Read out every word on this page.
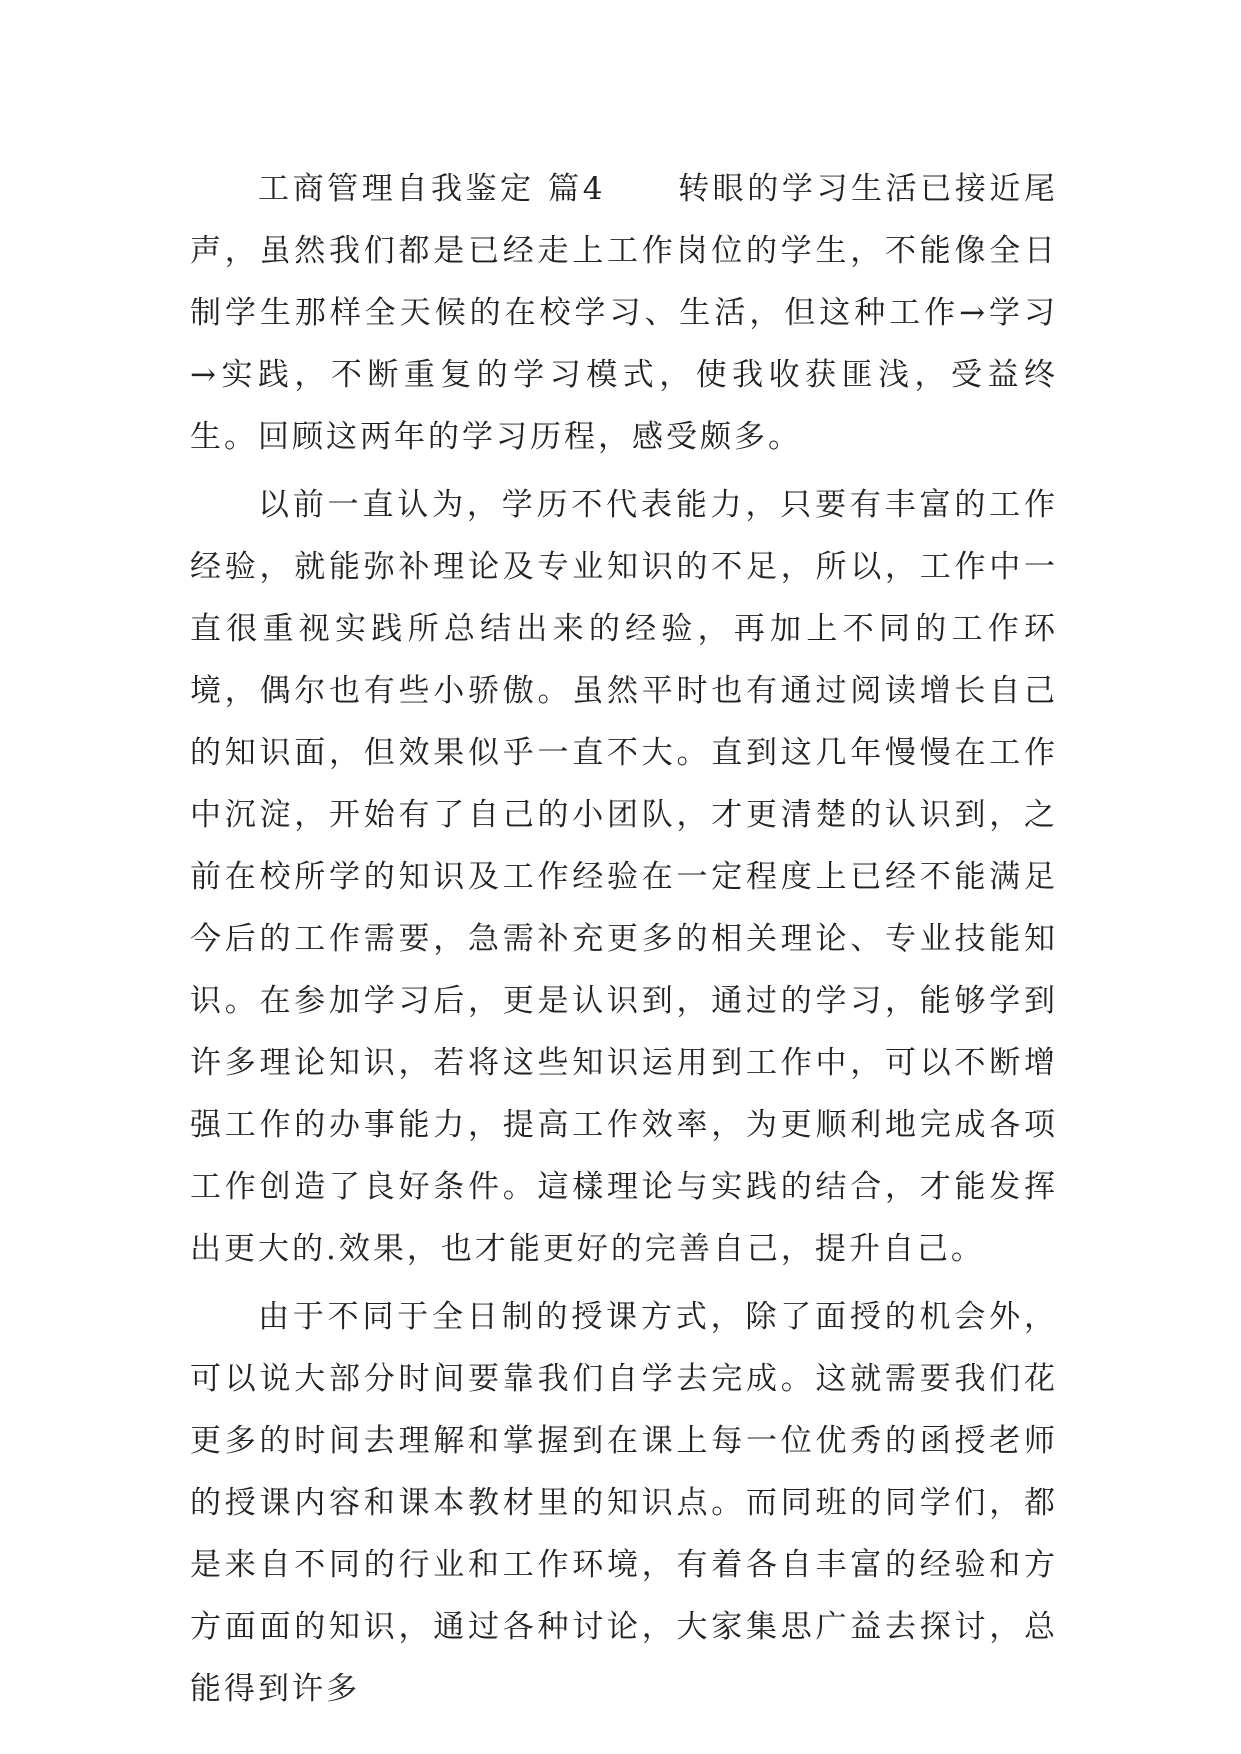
工商管理自我鉴定 篇4 转眼的学习生活已接近尾声，虽然我们都是已经走上工作岗位的学生，不能像全日制学生那样全天候的在校学习、生活，但这种工作→学习→实践，不断重复的学习模式，使我收获匪浅，受益终生。回顾这两年的学习历程，感受颇多。

以前一直认为，学历不代表能力，只要有丰富的工作经验，就能弥补理论及专业知识的不足，所以，工作中一直很重视实践所总结出来的经验，再加上不同的工作环境，偶尔也有些小骄傲。虽然平时也有通过阅读增长自己的知识面，但效果似乎一直不大。直到这几年慢慢在工作中沉淀，开始有了自己的小团队，才更清楚的认识到，之前在校所学的知识及工作经验在一定程度上已经不能满足今后的工作需要，急需补充更多的相关理论、专业技能知识。在参加学习后，更是认识到，通过的学习，能够学到许多理论知识，若将这些知识运用到工作中，可以不断增强工作的办事能力，提高工作效率，为更顺利地完成各项工作创造了良好条件。這樣理论与实践的结合，才能发挥出更大的.效果，也才能更好的完善自己，提升自己。

由于不同于全日制的授课方式，除了面授的机会外，可以说大部分时间要靠我们自学去完成。这就需要我们花更多的时间去理解和掌握到在课上每一位优秀的函授老师的授课内容和课本教材里的知识点。而同班的同学们，都是来自不同的行业和工作环境，有着各自丰富的经验和方方面面的知识，通过各种讨论，大家集思广益去探讨，总能得到许多
